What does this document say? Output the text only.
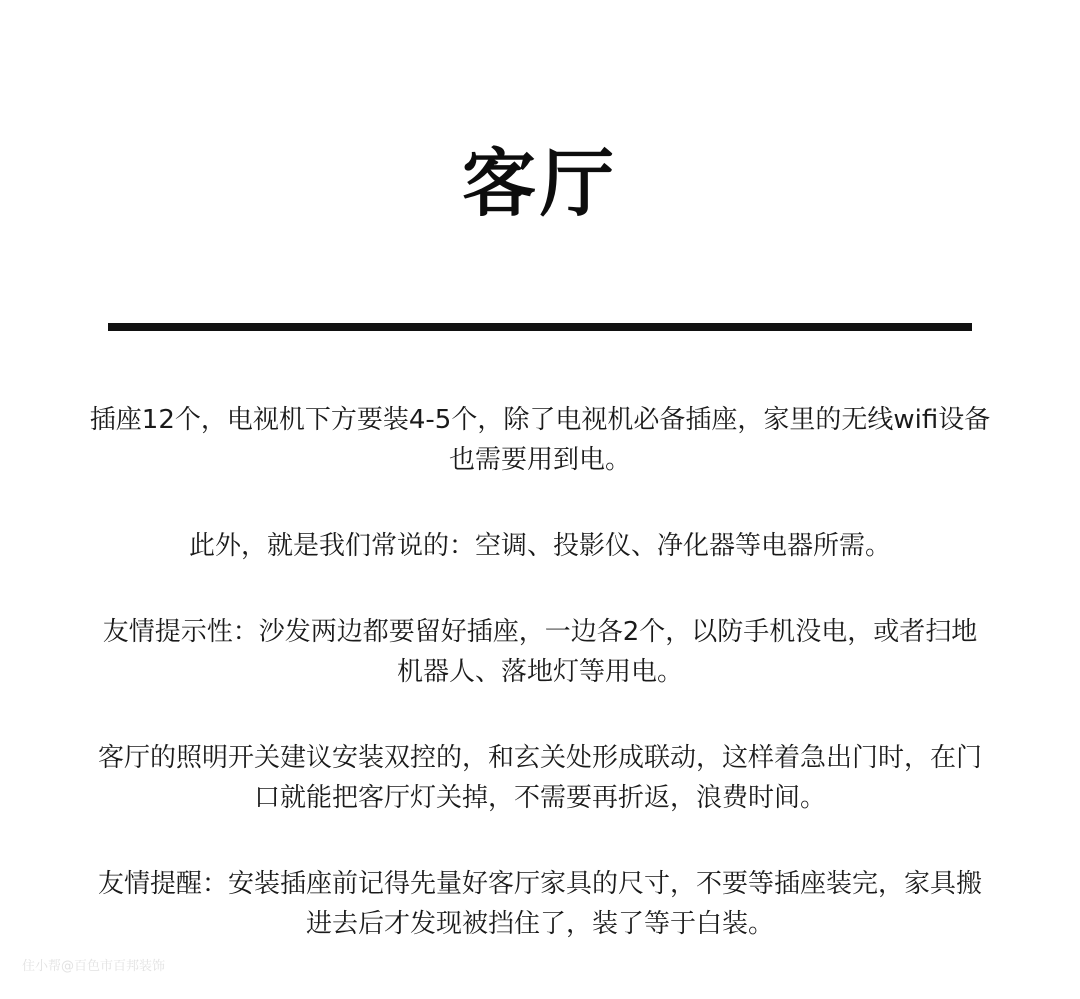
客厅

插座12个，电视机下方要装4-5个，除了电视机必备插座，家里的无线wifi设备
也需要用到电。

此外，就是我们常说的：空调、投影仪、净化器等电器所需。

友情提示性：沙发两边都要留好插座，一边各2个，以防手机没电，或者扫地
机器人、落地灯等用电。

客厅的照明开关建议安装双控的，和玄关处形成联动，这样着急出门时，在门
口就能把客厅灯关掉，不需要再折返，浪费时间。

友情提醒：安装插座前记得先量好客厅家具的尺寸，不要等插座装完，家具搬
进去后才发现被挡住了，装了等于白装。

住小帮@百色市百邦装饰
